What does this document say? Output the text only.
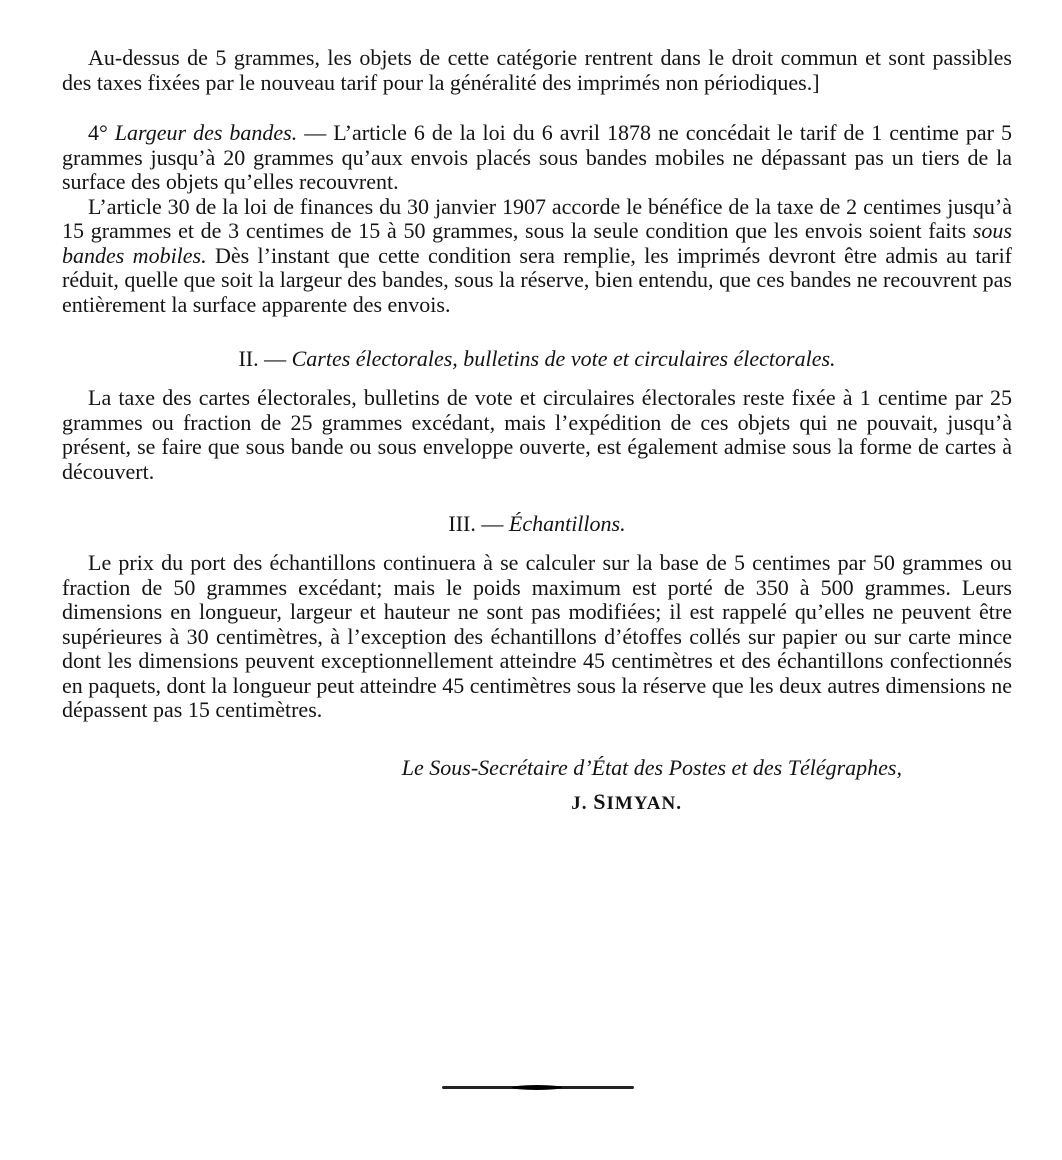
Au-dessus de 5 grammes, les objets de cette catégorie rentrent dans le droit commun et sont passibles des taxes fixées par le nouveau tarif pour la généralité des imprimés non périodiques.]

4° Largeur des bandes. — L’article 6 de la loi du 6 avril 1878 ne concédait le tarif de 1 centime par 5 grammes jusqu’à 20 grammes qu’aux envois placés sous bandes mobiles ne dépassant pas un tiers de la surface des objets qu’elles recouvrent.

L’article 30 de la loi de finances du 30 janvier 1907 accorde le bénéfice de la taxe de 2 centimes jusqu’à 15 grammes et de 3 centimes de 15 à 50 grammes, sous la seule condition que les envois soient faits sous bandes mobiles. Dès l’instant que cette condition sera remplie, les imprimés devront être admis au tarif réduit, quelle que soit la largeur des bandes, sous la réserve, bien entendu, que ces bandes ne recouvrent pas entièrement la surface apparente des envois.

II. — Cartes électorales, bulletins de vote et circulaires électorales.

La taxe des cartes électorales, bulletins de vote et circulaires électorales reste fixée à 1 centime par 25 grammes ou fraction de 25 grammes excédant, mais l’expédition de ces objets qui ne pouvait, jusqu’à présent, se faire que sous bande ou sous enveloppe ouverte, est également admise sous la forme de cartes à découvert.

III. — Échantillons.

Le prix du port des échantillons continuera à se calculer sur la base de 5 centimes par 50 grammes ou fraction de 50 grammes excédant; mais le poids maximum est porté de 350 à 500 grammes. Leurs dimensions en longueur, largeur et hauteur ne sont pas modifiées; il est rappelé qu’elles ne peuvent être supérieures à 30 centimètres, à l’exception des échantillons d’étoffes collés sur papier ou sur carte mince dont les dimensions peuvent exceptionnellement atteindre 45 centimètres et des échantillons confectionnés en paquets, dont la longueur peut atteindre 45 centimètres sous la réserve que les deux autres dimensions ne dépassent pas 15 centimètres.

Le Sous-Secrétaire d’État des Postes et des Télégraphes,
J. SIMYAN.
